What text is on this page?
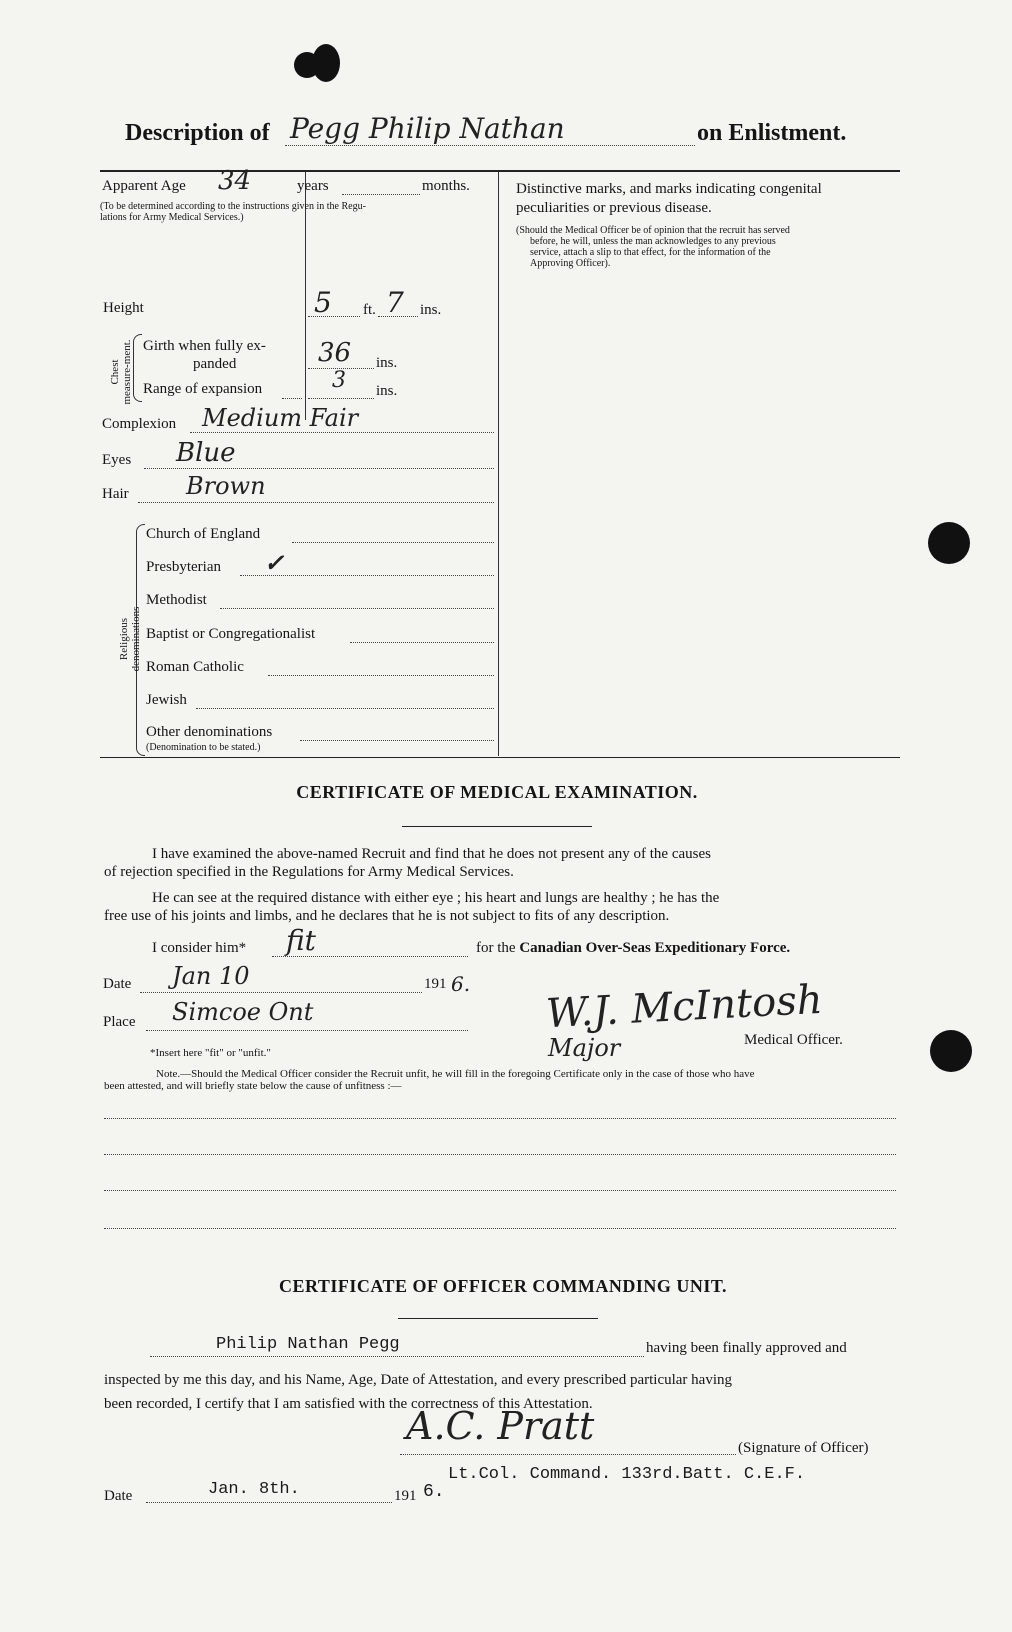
Description of Pegg Philip Nathan	on Enlistment.
Apparent Age 34	years	months.
(To be determined according to the instructions given in the Regu-
lations for Army Medical Services.)
Distinctive marks, and marks indicating congenital
peculiarities or previous disease.
(Should the Medical Officer be of opinion that the recruit has served
before, he will, unless the man acknowledges to any previous
service, attach a slip to that effect, for the information of the
Approving Officer).
Height	5 ft. 7 ins.
Chest measure-ment. Girth when fully ex-
panded	36 ins.
Range of expansion	3 ins.
Complexion Medium Fair
Eyes Blue
Hair Brown
Religious denominations
Church of England
Presbyterian ✓
Methodist
Baptist or Congregationalist
Roman Catholic
Jewish
Other denominations
(Denomination to be stated.)
CERTIFICATE OF MEDICAL EXAMINATION.
I have examined the above-named Recruit and find that he does not present any of the causes
of rejection specified in the Regulations for Army Medical Services.
He can see at the required distance with either eye ; his heart and lungs are healthy ; he has the
free use of his joints and limbs, and he declares that he is not subject to fits of any description.
I consider him* fit	for the Canadian Over-Seas Expeditionary Force.
Date Jan 10	191 6.
Place Simcoe Ont	W.J. McIntosh
Major	Medical Officer.
*Insert here "fit" or "unfit."
Note.—Should the Medical Officer consider the Recruit unfit, he will fill in the foregoing Certificate only in the case of those who have
been attested, and will briefly state below the cause of unfitness :—
CERTIFICATE OF OFFICER COMMANDING UNIT.
Philip Nathan Pegg	having been finally approved and
inspected by me this day, and his Name, Age, Date of Attestation, and every prescribed particular having
been recorded, I certify that I am satisfied with the correctness of this Attestation.
A.C. Pratt	(Signature of Officer)
Lt.Col. Command. 133rd.Batt. C.E.F.
Date	Jan. 8th.	191 6.
